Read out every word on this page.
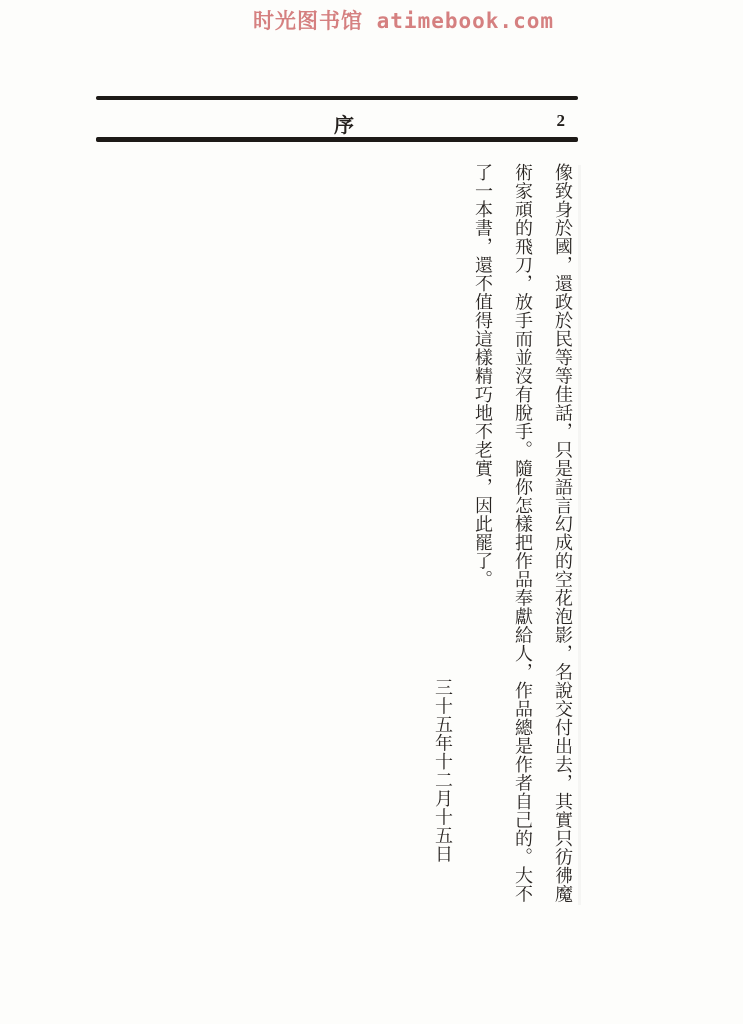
时光图书馆 atimebook.com
序	2

像致身於國，還政於民等等佳話，只是語言幻成的空花泡影，名說交付出去，其實只彷彿魔

術家頑的飛刀，放手而並沒有脫手。隨你怎樣把作品奉獻給人，作品總是作者自己的。大不

了一本書，還不值得這樣精巧地不老實，因此罷了。

三十五年十二月十五日
